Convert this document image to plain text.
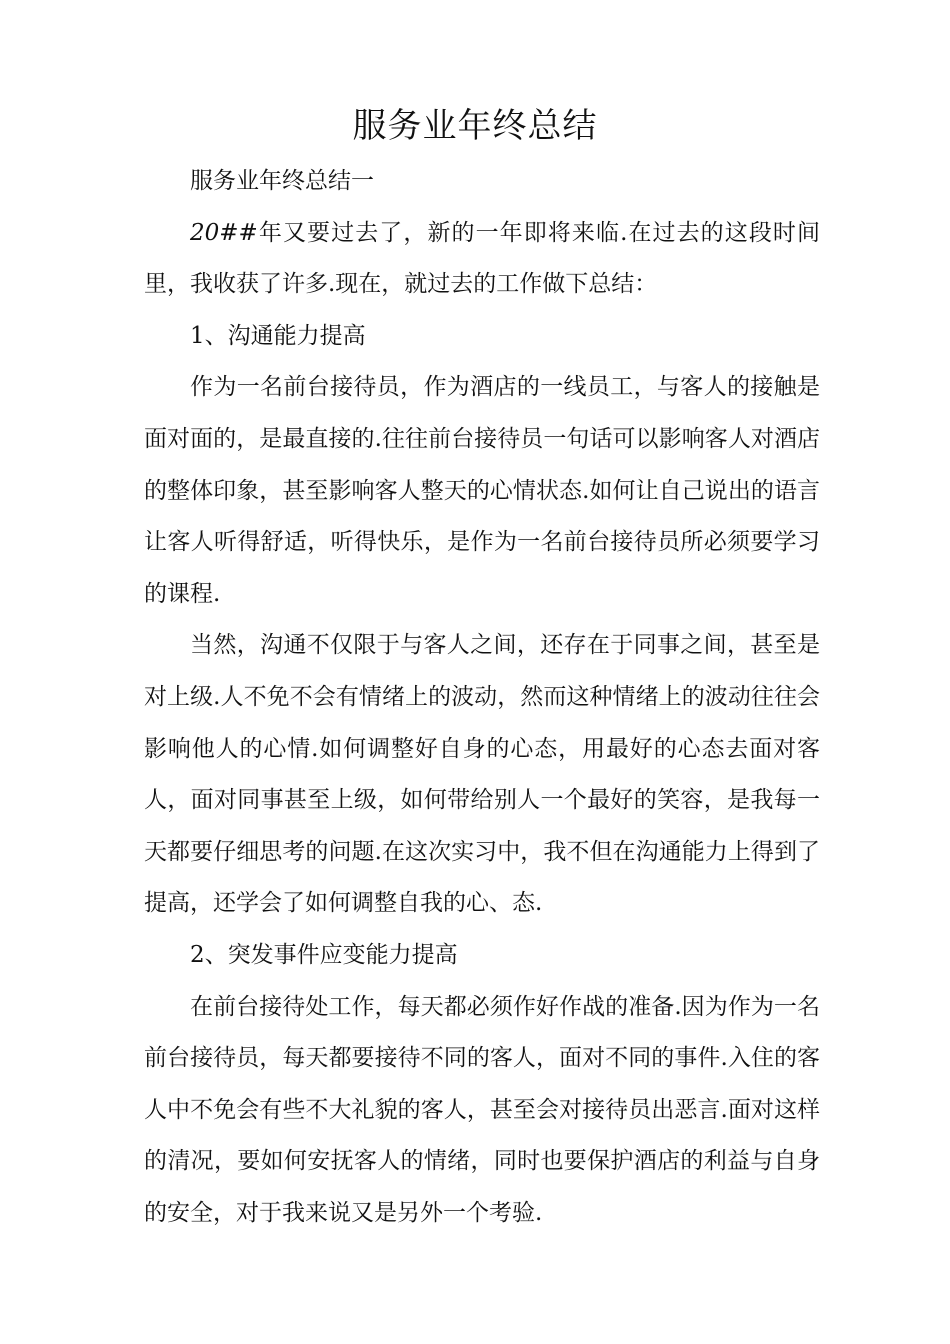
服务业年终总结

服务业年终总结一

20##年又要过去了，新的一年即将来临.在过去的这段时间里，我收获了许多.现在，就过去的工作做下总结：

1、沟通能力提高

作为一名前台接待员，作为酒店的一线员工，与客人的接触是面对面的，是最直接的.往往前台接待员一句话可以影响客人对酒店的整体印象，甚至影响客人整天的心情状态.如何让自己说出的语言让客人听得舒适，听得快乐，是作为一名前台接待员所必须要学习的课程.

当然，沟通不仅限于与客人之间，还存在于同事之间，甚至是对上级.人不免不会有情绪上的波动，然而这种情绪上的波动往往会影响他人的心情.如何调整好自身的心态，用最好的心态去面对客人，面对同事甚至上级，如何带给别人一个最好的笑容，是我每一天都要仔细思考的问题.在这次实习中，我不但在沟通能力上得到了提高，还学会了如何调整自我的心、态.

2、突发事件应变能力提高

在前台接待处工作，每天都必须作好作战的准备.因为作为一名前台接待员，每天都要接待不同的客人，面对不同的事件.入住的客人中不免会有些不大礼貌的客人，甚至会对接待员出恶言.面对这样的清况，要如何安抚客人的情绪，同时也要保护酒店的利益与自身的安全，对于我来说又是另外一个考验.
